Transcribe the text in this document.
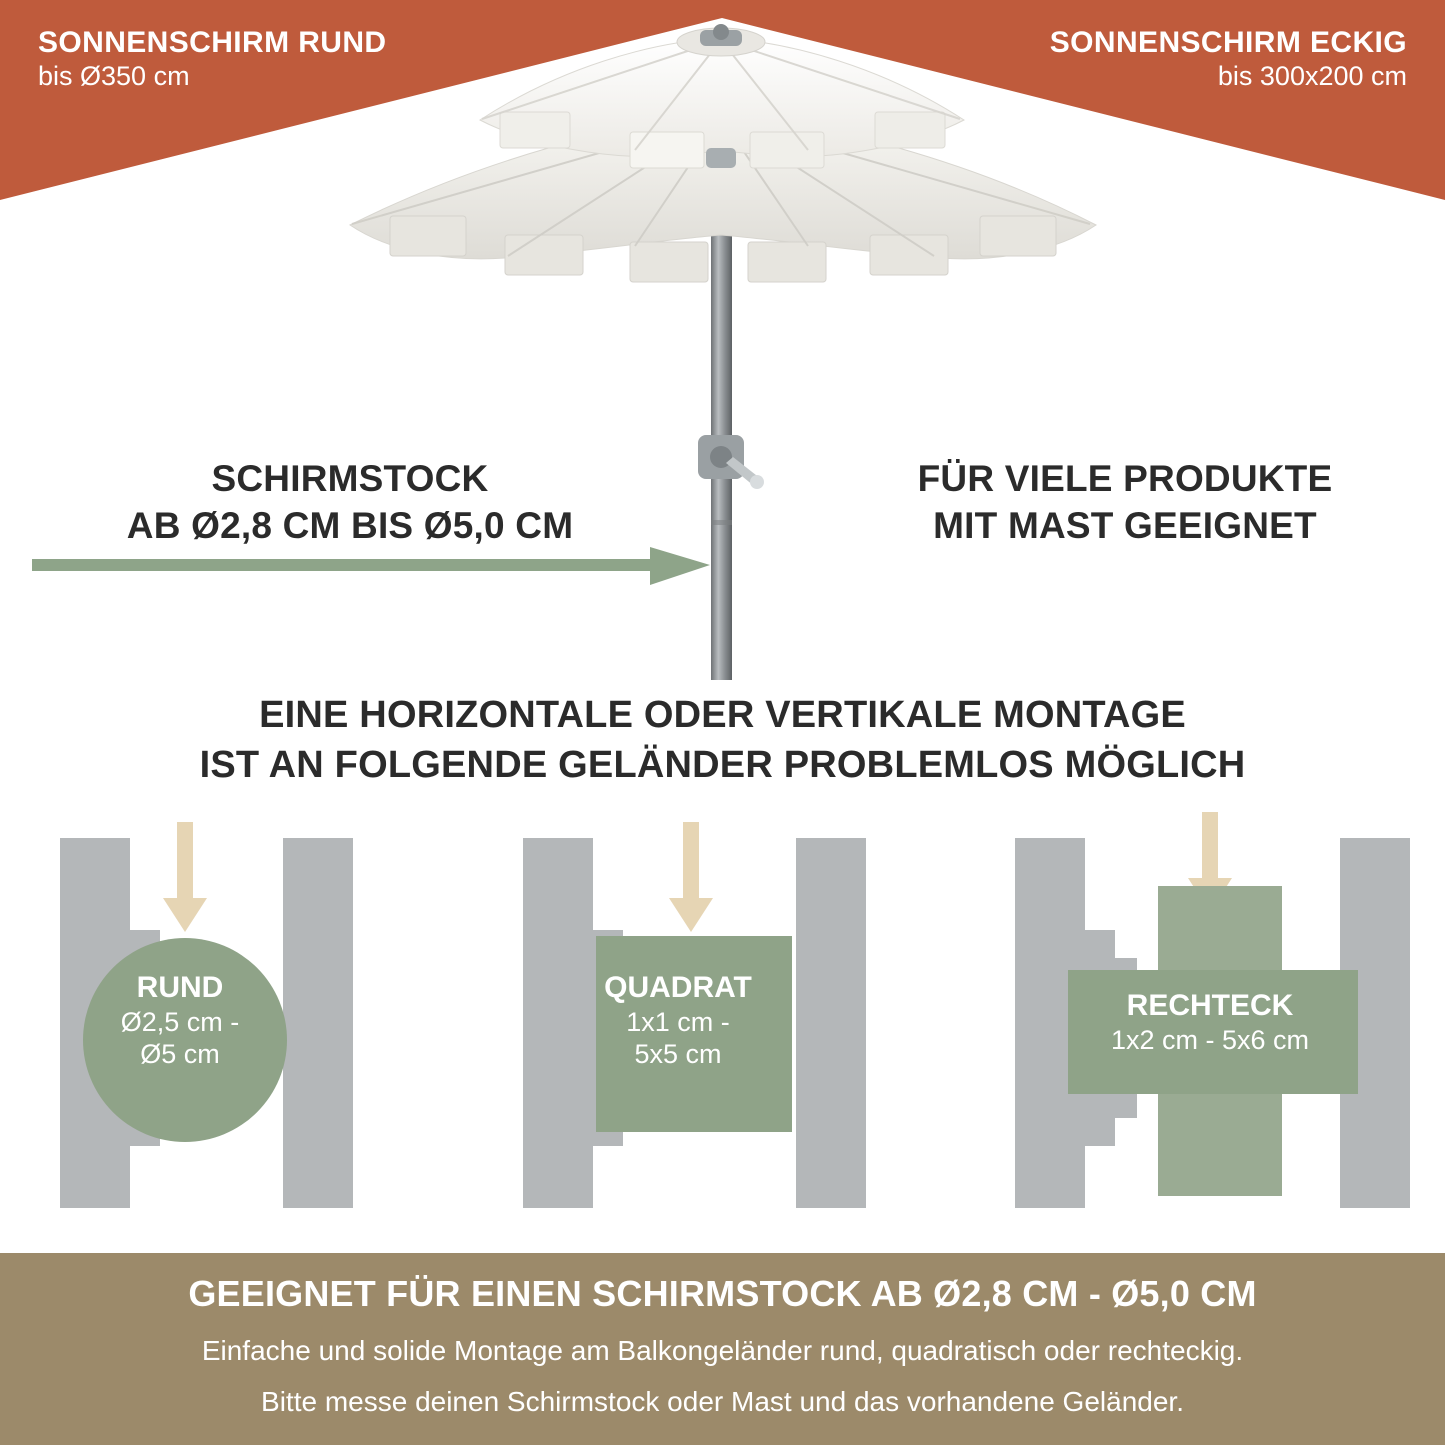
SONNENSCHIRM RUND
bis Ø350 cm
SONNENSCHIRM ECKIG
bis 300x200 cm
SCHIRMSTOCK
AB Ø2,8 CM BIS Ø5,0 CM
FÜR VIELE PRODUKTE
MIT MAST GEEIGNET
EINE HORIZONTALE ODER VERTIKALE MONTAGE
IST AN FOLGENDE GELÄNDER PROBLEMLOS MÖGLICH
RUND
Ø2,5 cm -
Ø5 cm
QUADRAT
1x1 cm -
5x5 cm
RECHTECK
1x2 cm - 5x6 cm
GEEIGNET FÜR EINEN SCHIRMSTOCK AB Ø2,8 CM - Ø5,0 CM
Einfache und solide Montage am Balkongeländer rund, quadratisch oder rechteckig.
Bitte messe deinen Schirmstock oder Mast und das vorhandene Geländer.
